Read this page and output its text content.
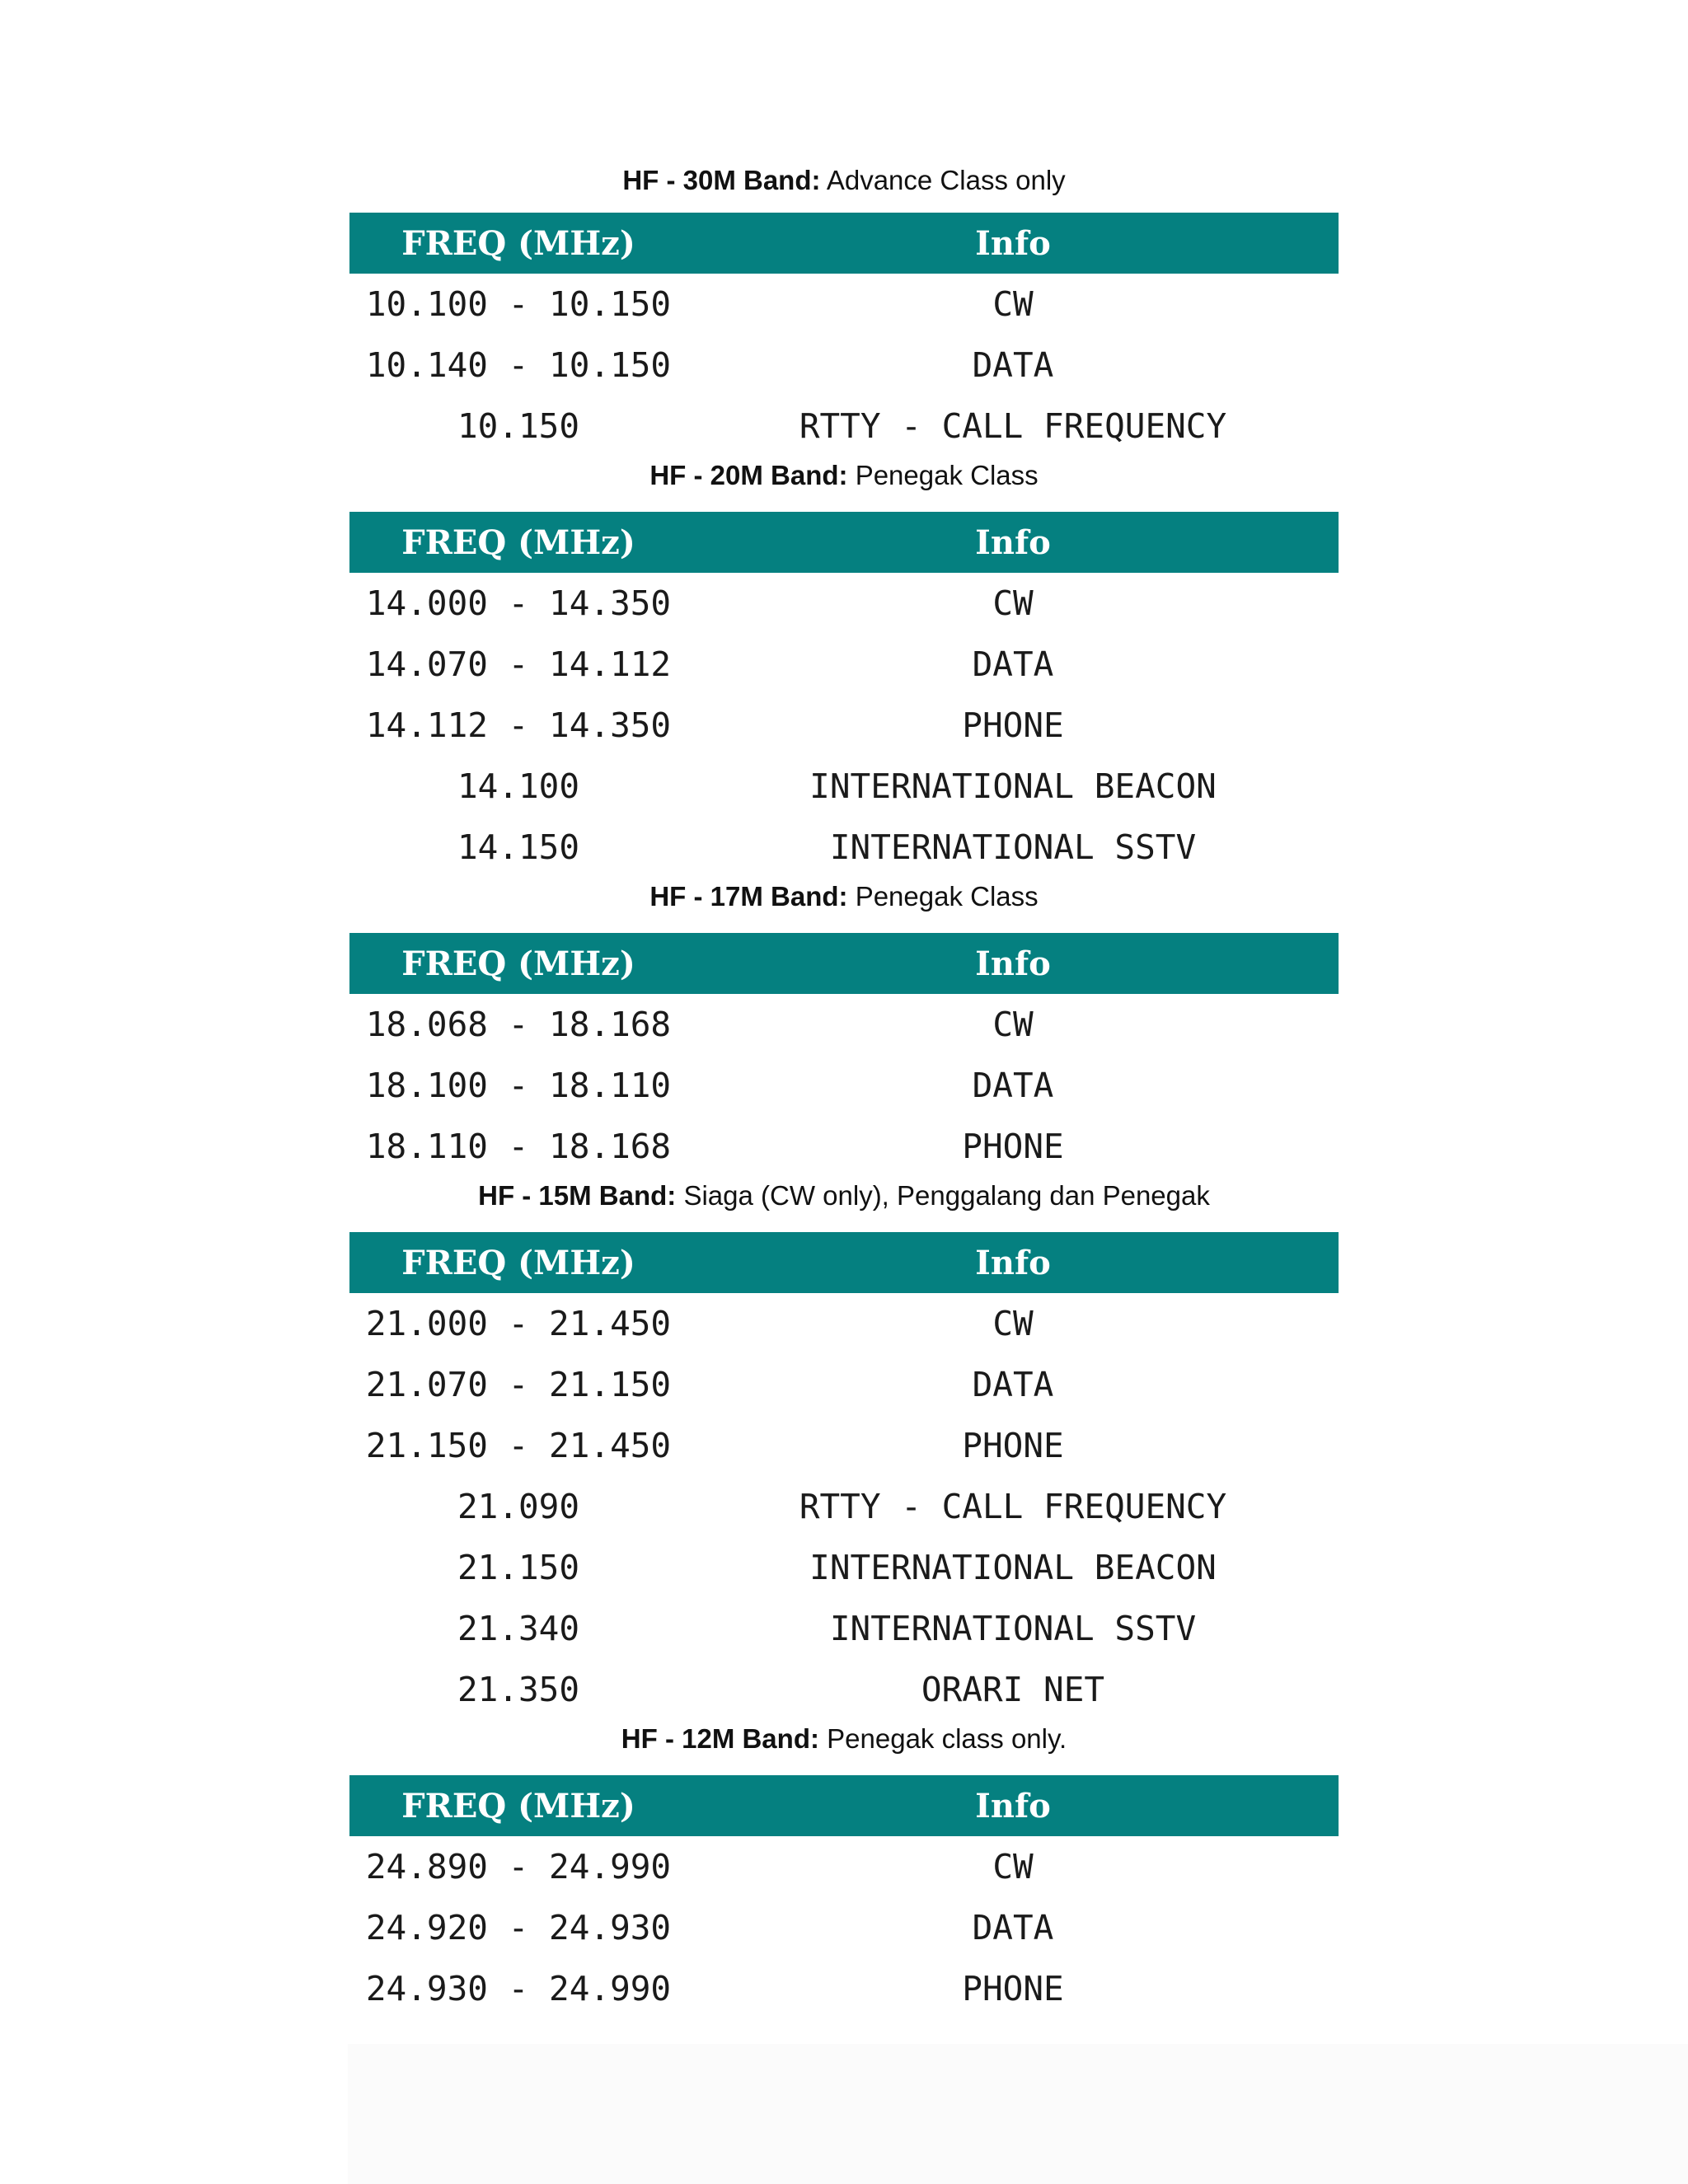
HF - 30M Band: Advance Class only
FREQ (MHz)	Info
10.100 - 10.150	CW
10.140 - 10.150	DATA
10.150	RTTY - CALL FREQUENCY
HF - 20M Band: Penegak Class
FREQ (MHz)	Info
14.000 - 14.350	CW
14.070 - 14.112	DATA
14.112 - 14.350	PHONE
14.100	INTERNATIONAL BEACON
14.150	INTERNATIONAL SSTV
HF - 17M Band: Penegak Class
FREQ (MHz)	Info
18.068 - 18.168	CW
18.100 - 18.110	DATA
18.110 - 18.168	PHONE
HF - 15M Band: Siaga (CW only), Penggalang dan Penegak
FREQ (MHz)	Info
21.000 - 21.450	CW
21.070 - 21.150	DATA
21.150 - 21.450	PHONE
21.090	RTTY - CALL FREQUENCY
21.150	INTERNATIONAL BEACON
21.340	INTERNATIONAL SSTV
21.350	ORARI NET
HF - 12M Band: Penegak class only.
FREQ (MHz)	Info
24.890 - 24.990	CW
24.920 - 24.930	DATA
24.930 - 24.990	PHONE
